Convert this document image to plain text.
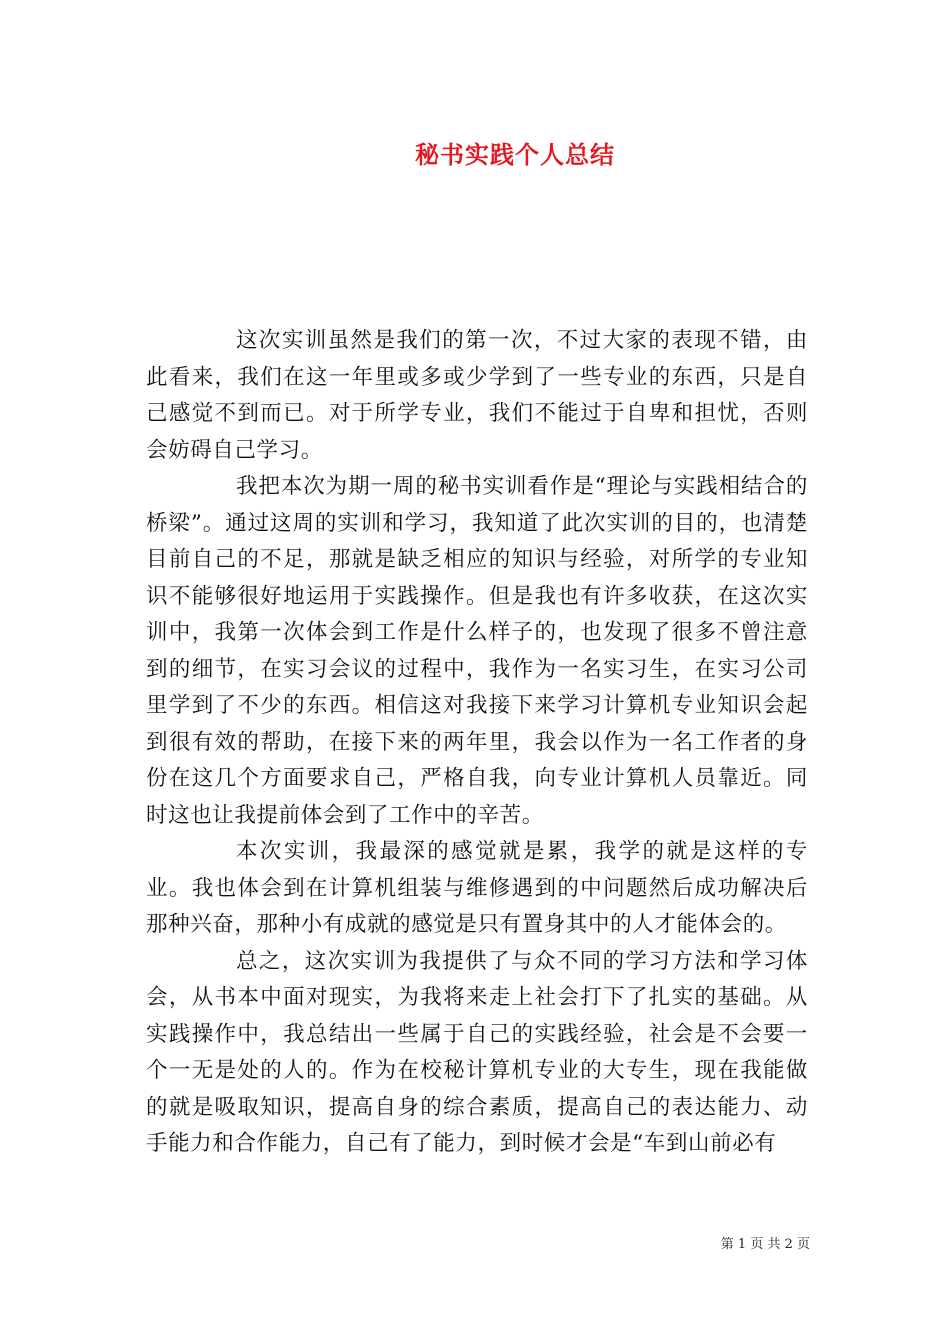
秘书实践个人总结

这次实训虽然是我们的第一次，不过大家的表现不错，由此看来，我们在这一年里或多或少学到了一些专业的东西，只是自己感觉不到而已。对于所学专业，我们不能过于自卑和担忧，否则会妨碍自己学习。

我把本次为期一周的秘书实训看作是“理论与实践相结合的桥梁”。通过这周的实训和学习，我知道了此次实训的目的，也清楚目前自己的不足，那就是缺乏相应的知识与经验，对所学的专业知识不能够很好地运用于实践操作。但是我也有许多收获，在这次实训中，我第一次体会到工作是什么样子的，也发现了很多不曾注意到的细节，在实习会议的过程中，我作为一名实习生，在实习公司里学到了不少的东西。相信这对我接下来学习计算机专业知识会起到很有效的帮助，在接下来的两年里，我会以作为一名工作者的身份在这几个方面要求自己，严格自我，向专业计算机人员靠近。同时这也让我提前体会到了工作中的辛苦。

本次实训，我最深的感觉就是累，我学的就是这样的专业。我也体会到在计算机组装与维修遇到的中问题然后成功解决后那种兴奋，那种小有成就的感觉是只有置身其中的人才能体会的。

总之，这次实训为我提供了与众不同的学习方法和学习体会，从书本中面对现实，为我将来走上社会打下了扎实的基础。从实践操作中，我总结出一些属于自己的实践经验，社会是不会要一个一无是处的人的。作为在校秘计算机专业的大专生，现在我能做的就是吸取知识，提高自身的综合素质，提高自己的表达能力、动手能力和合作能力，自己有了能力，到时候才会是“车到山前必有

第 1 页 共 2 页
